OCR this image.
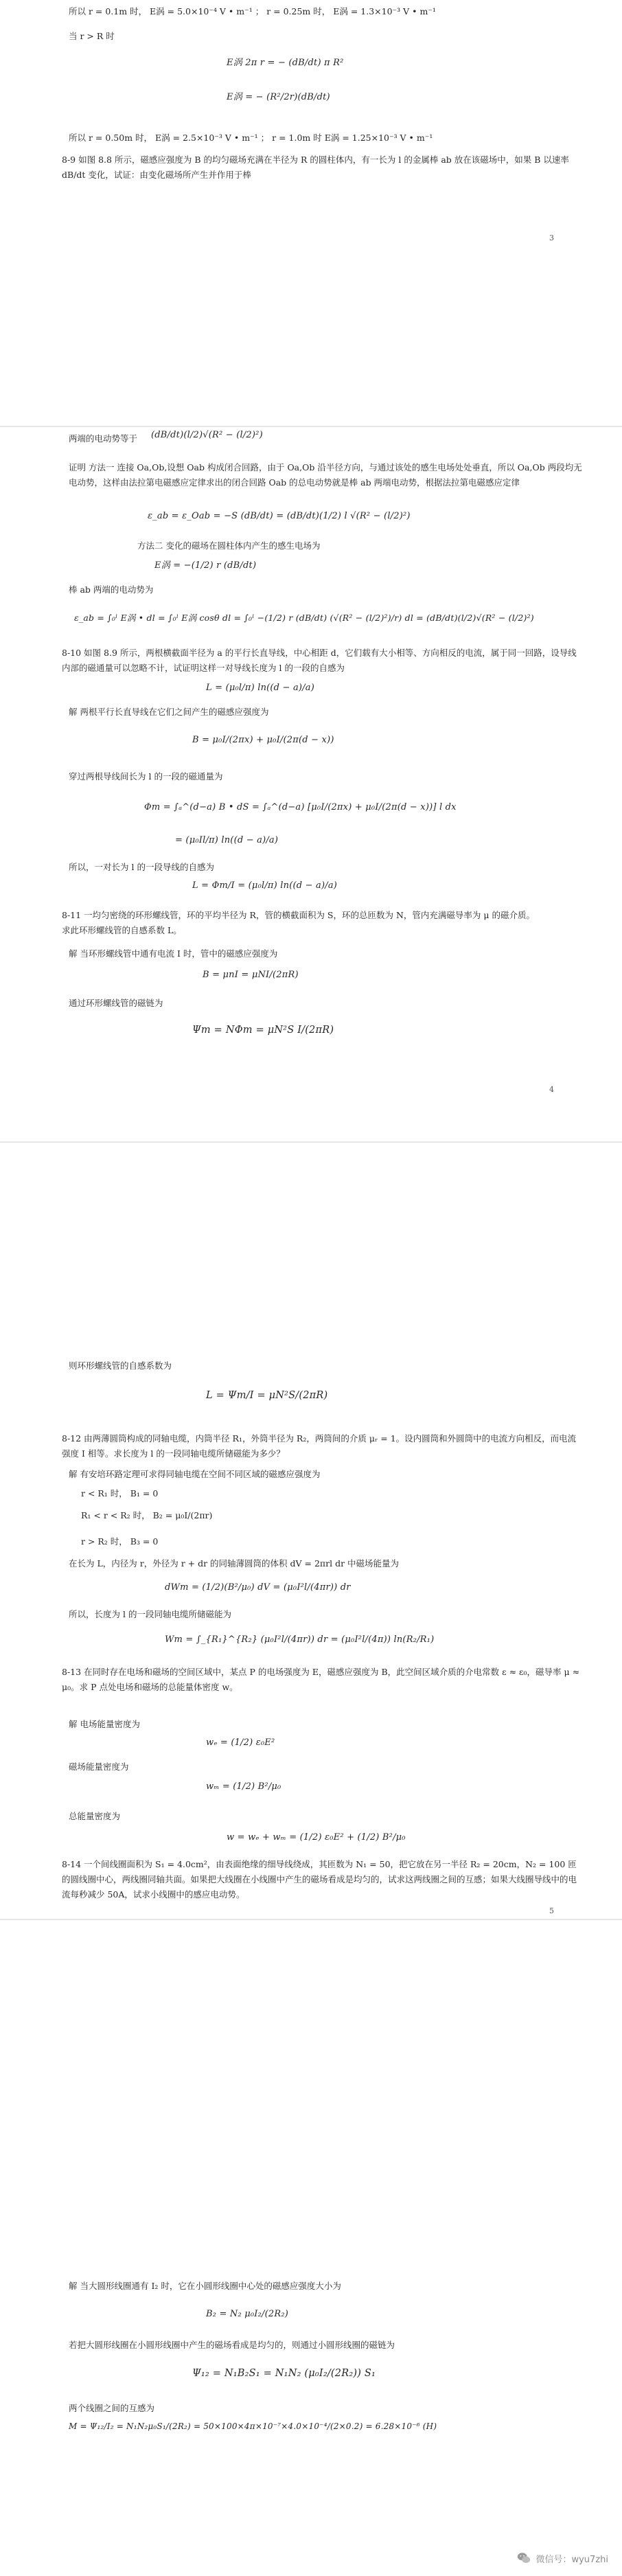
所以 r = 0.1m 时， E涡 = 5.0×10⁻⁴ V • m⁻¹ ； r = 0.25m 时， E涡 = 1.3×10⁻³ V • m⁻¹
当 r > R 时
E涡 2π r = − (dB/dt) π R²
E涡 = − (R²/2r)(dB/dt)
所以 r = 0.50m 时， E涡 = 2.5×10⁻³ V • m⁻¹ ； r = 1.0m 时 E涡 = 1.25×10⁻³ V • m⁻¹
8-9 如图 8.8 所示，磁感应强度为 B 的均匀磁场充满在半径为 R 的圆柱体内，有一长为 l 的金属棒 ab 放在该磁场中，如果 B 以速率 dB/dt 变化，试证：由变化磁场所产生并作用于棒
3
两端的电动势等于 (dB/dt)(l/2)√(R² − (l/2)²)
证明 方法一 连接 Oa,Ob,设想 Oab 构成闭合回路，由于 Oa,Ob 沿半径方向，与通过该处的感生电场处处垂直，所以 Oa,Ob 两段均无电动势，这样由法拉第电磁感应定律求出的闭合回路 Oab 的总电动势就是棒 ab 两端电动势，根据法拉第电磁感应定律
ε_ab = ε_Oab = −S (dB/dt) = (dB/dt)(1/2) l √(R² − (l/2)²)
方法二 变化的磁场在圆柱体内产生的感生电场为
E涡 = −(1/2) r (dB/dt)
棒 ab 两端的电动势为
ε_ab = ∫₀ˡ E涡 • dl = ∫₀ˡ E涡 cosθ dl = ∫₀ˡ −(1/2) r (dB/dt) (√(R² − (l/2)²)/r) dl = (dB/dt)(l/2)√(R² − (l/2)²)
8-10 如图 8.9 所示，两根横截面半径为 a 的平行长直导线，中心相距 d，它们载有大小相等、方向相反的电流，属于同一回路，设导线内部的磁通量可以忽略不计，试证明这样一对导线长度为 l 的一段的自感为
L = (μ₀l/π) ln((d − a)/a)
解 两根平行长直导线在它们之间产生的磁感应强度为
B = μ₀I/(2πx) + μ₀I/(2π(d − x))
穿过两根导线间长为 l 的一段的磁通量为
Φm = ∫ₐ^(d−a) B • dS = ∫ₐ^(d−a) [μ₀I/(2πx) + μ₀I/(2π(d − x))] l dx
= (μ₀Il/π) ln((d − a)/a)
所以，一对长为 l 的一段导线的自感为
L = Φm/I = (μ₀l/π) ln((d − a)/a)
8-11 一均匀密绕的环形螺线管，环的平均半径为 R，管的横截面积为 S，环的总匝数为 N，管内充满磁导率为 μ 的磁介质。求此环形螺线管的自感系数 L。
解 当环形螺线管中通有电流 I 时，管中的磁感应强度为
B = μnI = μNI/(2πR)
通过环形螺线管的磁链为
Ψm = NΦm = μN²S I/(2πR)
4
则环形螺线管的自感系数为
L = Ψm/I = μN²S/(2πR)
8-12 由两薄圆筒构成的同轴电缆，内筒半径 R₁，外筒半径为 R₂，两筒间的介质 μᵣ = 1。设内圆筒和外圆筒中的电流方向相反，而电流强度 I 相等。求长度为 l 的一段同轴电缆所储磁能为多少？
解 有安培环路定理可求得同轴电缆在空间不同区域的磁感应强度为
r < R₁ 时， B₁ = 0
R₁ < r < R₂ 时， B₂ = μ₀I/(2πr)
r > R₂ 时， B₃ = 0
在长为 L，内径为 r，外径为 r + dr 的同轴薄圆筒的体积 dV = 2πrl dr 中磁场能量为
dWm = (1/2)(B²/μ₀) dV = (μ₀I²l/(4πr)) dr
所以，长度为 l 的一段同轴电缆所储磁能为
Wm = ∫_{R₁}^{R₂} (μ₀I²l/(4πr)) dr = (μ₀I²l/(4π)) ln(R₂/R₁)
8-13 在同时存在电场和磁场的空间区域中，某点 P 的电场强度为 E，磁感应强度为 B，此空间区域介质的介电常数 ε ≈ ε₀，磁导率 μ ≈ μ₀。求 P 点处电场和磁场的总能量体密度 w。
解 电场能量密度为
wₑ = (1/2) ε₀E²
磁场能量密度为
wₘ = (1/2) B²/μ₀
总能量密度为
w = wₑ + wₘ = (1/2) ε₀E² + (1/2) B²/μ₀
8-14 一个间线圈面积为 S₁ = 4.0cm²，由表面绝缘的细导线绕成，其匝数为 N₁ = 50，把它放在另一半径 R₂ = 20cm，N₂ = 100 匝的圆线圈中心，两线圈同轴共面。如果把大线圈在小线圈中产生的磁场看成是均匀的，试求这两线圈之间的互感；如果大线圈导线中的电流每秒减少 50A，试求小线圈中的感应电动势。
5
解 当大圆形线圈通有 I₂ 时，它在小圆形线圈中心处的磁感应强度大小为
B₂ = N₂ μ₀I₂/(2R₂)
若把大圆形线圈在小圆形线圈中产生的磁场看成是均匀的，则通过小圆形线圈的磁链为
Ψ₁₂ = N₁B₂S₁ = N₁N₂ (μ₀I₂/(2R₂)) S₁
两个线圈之间的互感为
M = Ψ₁₂/I₂ = N₁N₂μ₀S₁/(2R₂) = 50×100×4π×10⁻⁷×4.0×10⁻⁴/(2×0.2) = 6.28×10⁻⁶ (H)
微信号：wyu7zhi
